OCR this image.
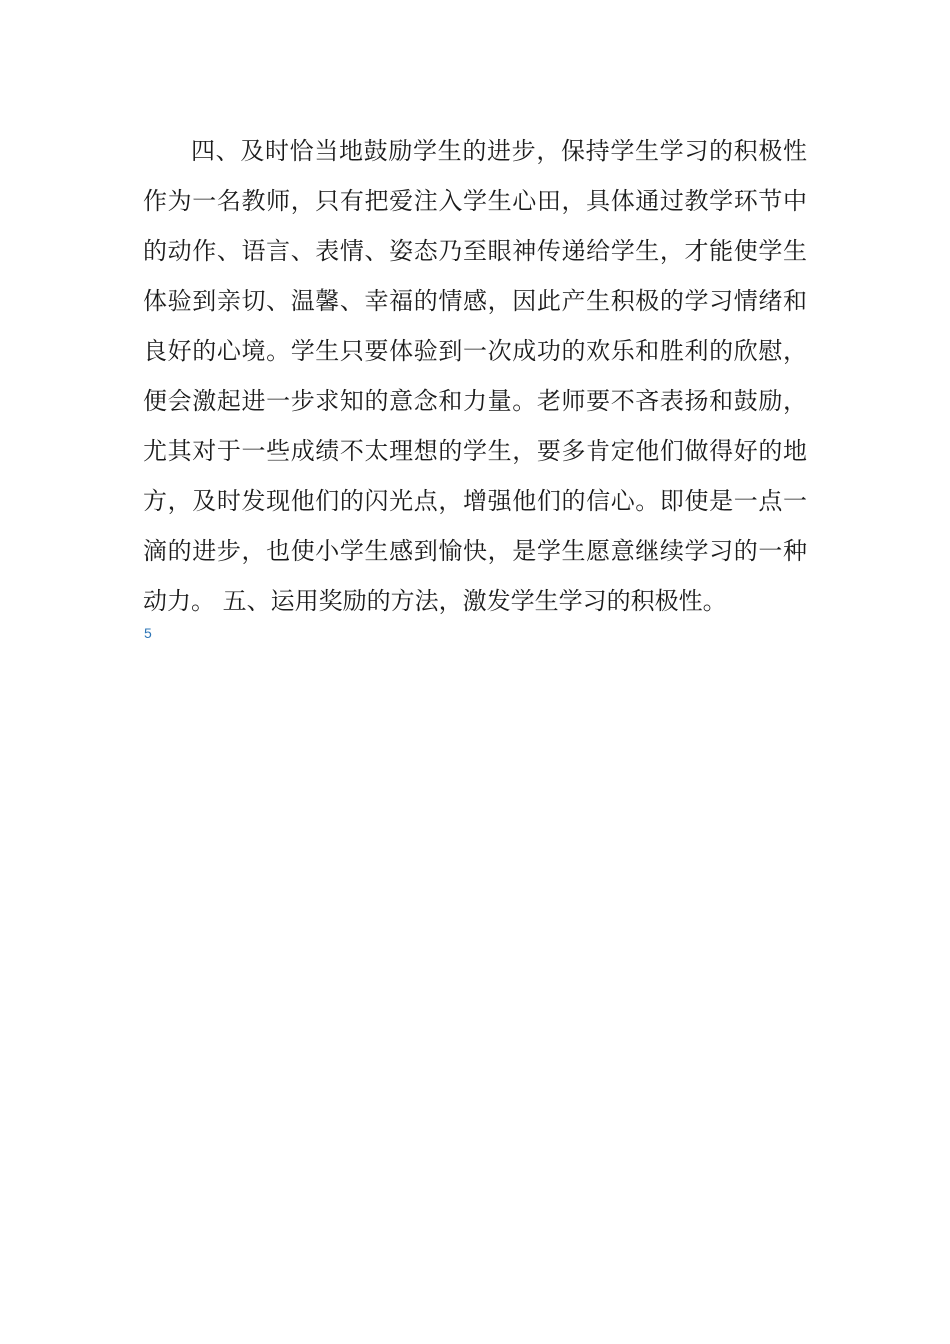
四、及时恰当地鼓励学生的进步，保持学生学习的积极性作为一名教师，只有把爱注入学生心田，具体通过教学环节中的动作、语言、表情、姿态乃至眼神传递给学生，才能使学生体验到亲切、温馨、幸福的情感，因此产生积极的学习情绪和良好的心境。学生只要体验到一次成功的欢乐和胜利的欣慰，便会激起进一步求知的意念和力量。老师要不吝表扬和鼓励，尤其对于一些成绩不太理想的学生，要多肯定他们做得好的地方，及时发现他们的闪光点，增强他们的信心。即使是一点一滴的进步，也使小学生感到愉快，是学生愿意继续学习的一种动力。 五、运用奖励的方法，激发学生学习的积极性。

5
